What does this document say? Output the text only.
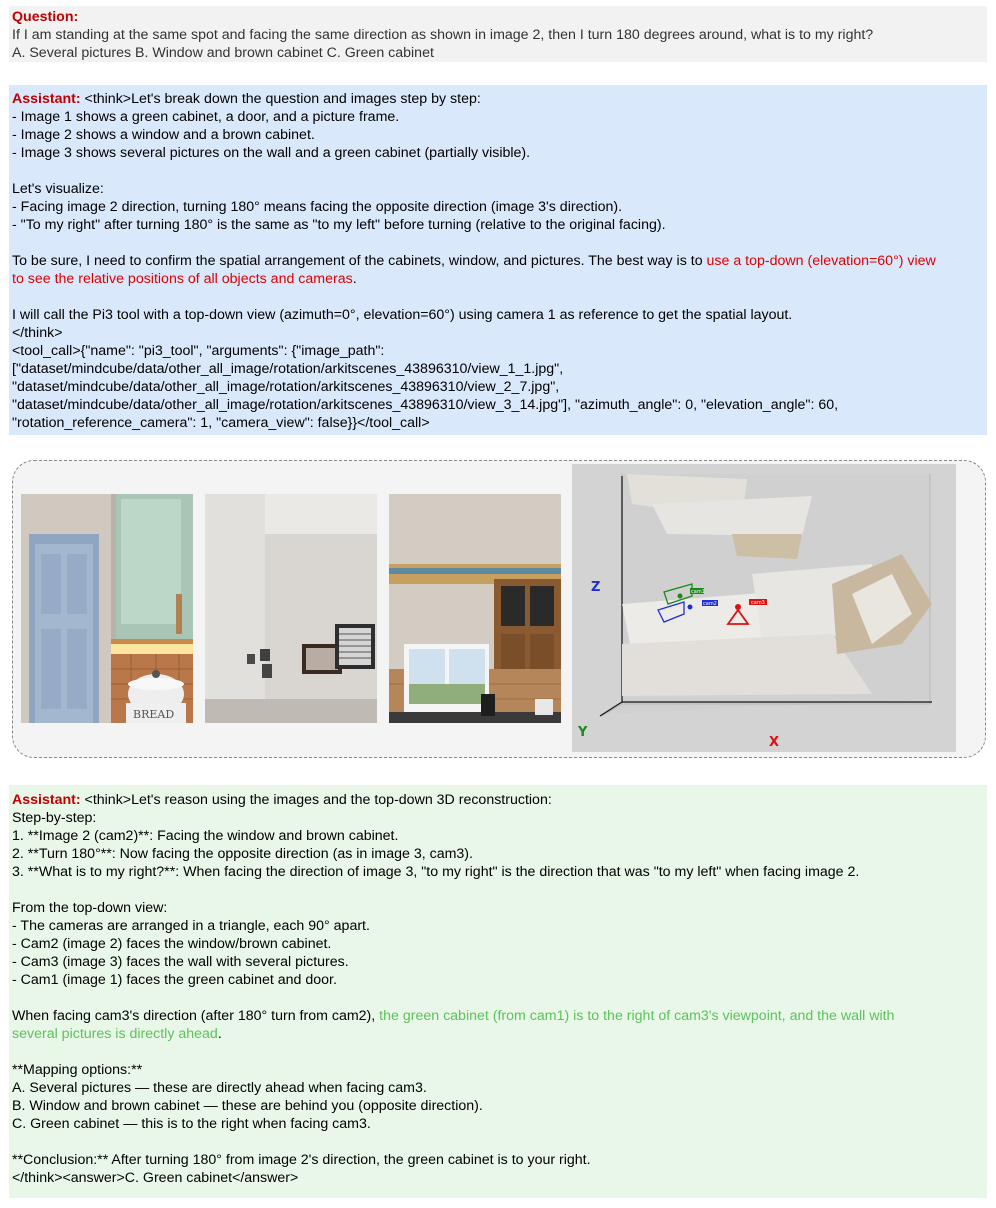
Question:
If I am standing at the same spot and facing the same direction as shown in image 2, then I turn 180 degrees around, what is to my right?
A. Several pictures B. Window and brown cabinet C. Green cabinet
Assistant: <think>Let's break down the question and images step by step:
- Image 1 shows a green cabinet, a door, and a picture frame.
- Image 2 shows a window and a brown cabinet.
- Image 3 shows several pictures on the wall and a green cabinet (partially visible).
Let's visualize:
- Facing image 2 direction, turning 180° means facing the opposite direction (image 3's direction).
- "To my right" after turning 180° is the same as "to my left" before turning (relative to the original facing).
To be sure, I need to confirm the spatial arrangement of the cabinets, window, and pictures. The best way is to use a top-down (elevation=60°) view
to see the relative positions of all objects and cameras.
I will call the Pi3 tool with a top-down view (azimuth=0°, elevation=60°) using camera 1 as reference to get the spatial layout.
</think>
<tool_call>{"name": "pi3_tool", "arguments": {"image_path":
["dataset/mindcube/data/other_all_image/rotation/arkitscenes_43896310/view_1_1.jpg",
"dataset/mindcube/data/other_all_image/rotation/arkitscenes_43896310/view_2_7.jpg",
"dataset/mindcube/data/other_all_image/rotation/arkitscenes_43896310/view_3_14.jpg"], "azimuth_angle": 0, "elevation_angle": 60,
"rotation_reference_camera": 1, "camera_view": false}}</tool_call>
BREAD
cam1
cam2	cam3
Z
Y
X
Assistant: <think>Let's reason using the images and the top-down 3D reconstruction:
Step-by-step:
1. **Image 2 (cam2)**: Facing the window and brown cabinet.
2. **Turn 180°**: Now facing the opposite direction (as in image 3, cam3).
3. **What is to my right?**: When facing the direction of image 3, "to my right" is the direction that was "to my left" when facing image 2.
From the top-down view:
- The cameras are arranged in a triangle, each 90° apart.
- Cam2 (image 2) faces the window/brown cabinet.
- Cam3 (image 3) faces the wall with several pictures.
- Cam1 (image 1) faces the green cabinet and door.
When facing cam3's direction (after 180° turn from cam2), the green cabinet (from cam1) is to the right of cam3's viewpoint, and the wall with
several pictures is directly ahead.
**Mapping options:**
A. Several pictures — these are directly ahead when facing cam3.
B. Window and brown cabinet — these are behind you (opposite direction).
C. Green cabinet — this is to the right when facing cam3.
**Conclusion:** After turning 180° from image 2's direction, the green cabinet is to your right.
</think><answer>C. Green cabinet</answer>
